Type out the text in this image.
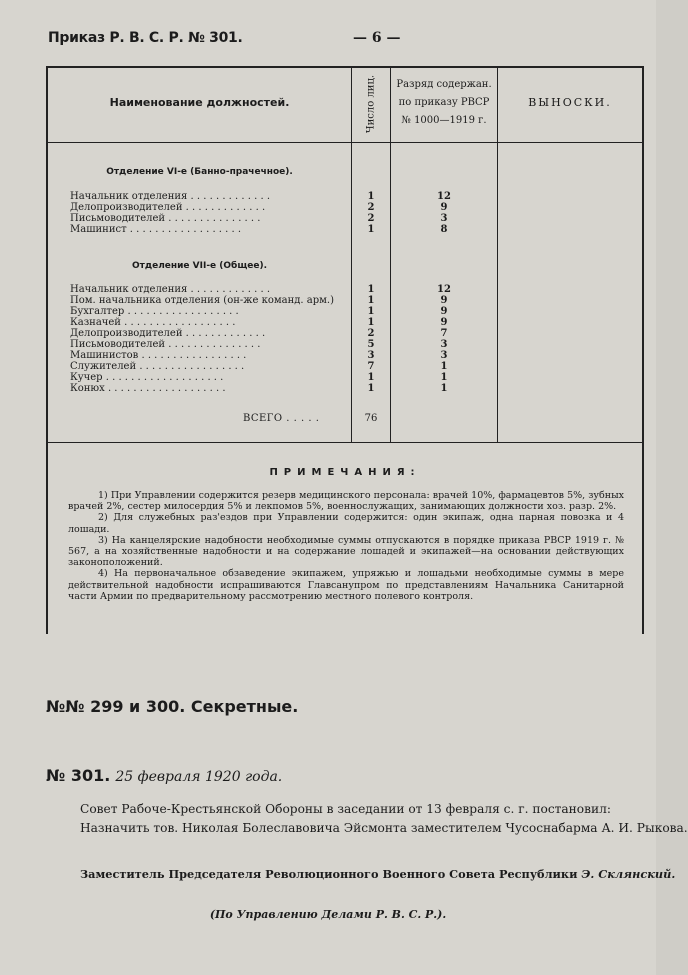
Приказ Р. В. С. Р. № 301.	— 6 —
Наименование должностей.	Число лиц.	Разряд содержан.
по приказу РВСР
№ 1000—1919 г.
ВЫНОСКИ.
Отделение VI-е (Банно-прачечное).
Начальник отделения . . . . . . . . . . . . .	1	12
Делопроизводителей . . . . . . . . . . . . .	2	9
Письмоводителей . . . . . . . . . . . . . . .	2	3
Машинист . . . . . . . . . . . . . . . . . .	1	8
Отделение VII-е (Общее).
Начальник отделения . . . . . . . . . . . . .	1	12
Пом. начальника отделения (он-же команд. арм.)	1	9
Бухгалтер . . . . . . . . . . . . . . . . . .	1	9
Казначей . . . . . . . . . . . . . . . . . .	1	9
Делопроизводителей . . . . . . . . . . . . .	2	7
Письмоводителей . . . . . . . . . . . . . . .	5	3
Машинистов . . . . . . . . . . . . . . . . .	3	3
Служителей . . . . . . . . . . . . . . . . .	7	1
Кучер . . . . . . . . . . . . . . . . . . .	1	1
Конюх . . . . . . . . . . . . . . . . . . .	1	1
ВСЕГО . . . . .	76
ПРИМЕЧАНИЯ:

1) При Управлении содержится резерв медицинского персонала: врачей 10%, фармацевтов 5%, зубных врачей 2%, сестер милосердия 5% и лекпомов 5%, военнослужащих, занимающих должности хоз. разр. 2%.

2) Для служебных раз'ездов при Управлении содержится: один экипаж, одна парная повозка и 4 лошади.

3) На канцелярские надобности необходимые суммы отпускаются в порядке приказа РВСР 1919 г. № 567, а на хозяйственные надобности и на содержание лошадей и экипажей—на основании действующих законоположений.

4) На первоначальное обзаведение экипажем, упряжью и лошадьми необходимые суммы в мере действительной надобности испрашиваются Главсанупром по представлениям Начальника Санитарной части Армии по предварительному рассмотрению местного полевого контроля.

№№ 299 и 300. Секретные.
№ 301. 25 февраля 1920 года.

Совет Рабоче-Крестьянской Обороны в заседании от 13 февраля с. г. постановил:

Назначить тов. Николая Болеславовича Эйсмонта заместителем Чусоснабарма А. И. Рыкова.

Заместитель Председателя Революционного Военного Совета Республики Э. Склянский.
(По Управлению Делами Р. В. С. Р.).
